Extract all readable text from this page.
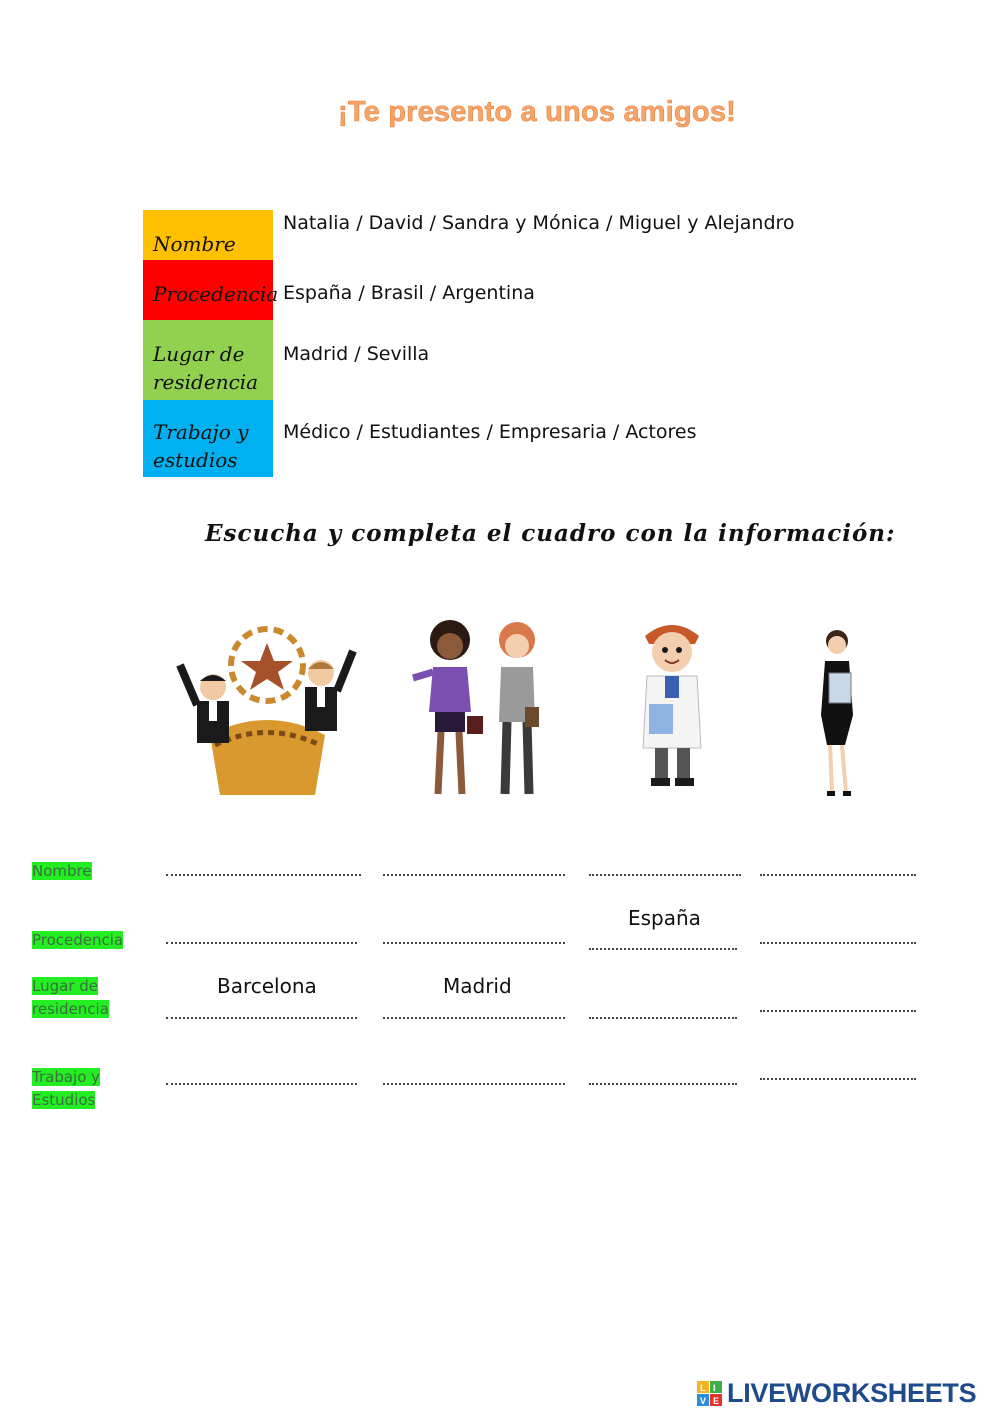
¡Te presento a unos amigos!
Nombre
Procedencia
Lugar de
residencia
Trabajo y
estudios
Natalia / David / Sandra y Mónica / Miguel y Alejandro
España / Brasil / Argentina
Madrid / Sevilla
Médico / Estudiantes / Empresaria / Actores
Escucha y completa el cuadro con la información:
Nombre
Procedencia
Lugar de
residencia
Trabajo y
Estudios
España
Barcelona	Madrid
L I
V E LIVEWORKSHEETS
